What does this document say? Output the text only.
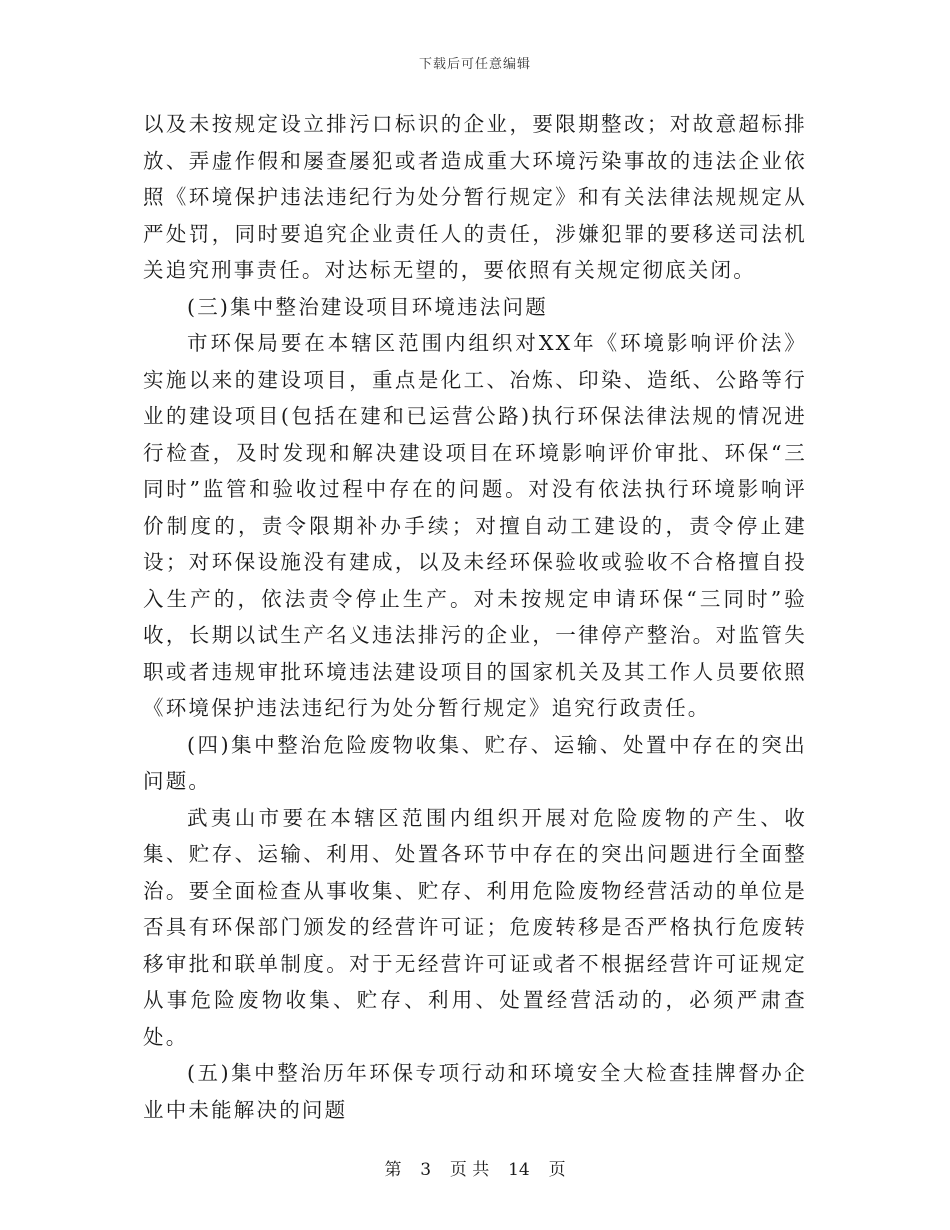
下载后可任意编辑

以及未按规定设立排污口标识的企业，要限期整改；对故意超标排放、弄虚作假和屡查屡犯或者造成重大环境污染事故的违法企业依照《环境保护违法违纪行为处分暂行规定》和有关法律法规规定从严处罚，同时要追究企业责任人的责任，涉嫌犯罪的要移送司法机关追究刑事责任。对达标无望的，要依照有关规定彻底关闭。

(三)集中整治建设项目环境违法问题

市环保局要在本辖区范围内组织对XX年《环境影响评价法》实施以来的建设项目，重点是化工、冶炼、印染、造纸、公路等行业的建设项目(包括在建和已运营公路)执行环保法律法规的情况进行检查，及时发现和解决建设项目在环境影响评价审批、环保“三同时”监管和验收过程中存在的问题。对没有依法执行环境影响评价制度的，责令限期补办手续；对擅自动工建设的，责令停止建设；对环保设施没有建成，以及未经环保验收或验收不合格擅自投入生产的，依法责令停止生产。对未按规定申请环保“三同时”验收，长期以试生产名义违法排污的企业，一律停产整治。对监管失职或者违规审批环境违法建设项目的国家机关及其工作人员要依照《环境保护违法违纪行为处分暂行规定》追究行政责任。

(四)集中整治危险废物收集、贮存、运输、处置中存在的突出问题。

武夷山市要在本辖区范围内组织开展对危险废物的产生、收集、贮存、运输、利用、处置各环节中存在的突出问题进行全面整治。要全面检查从事收集、贮存、利用危险废物经营活动的单位是否具有环保部门颁发的经营许可证；危废转移是否严格执行危废转移审批和联单制度。对于无经营许可证或者不根据经营许可证规定从事危险废物收集、贮存、利用、处置经营活动的，必须严肃查处。

(五)集中整治历年环保专项行动和环境安全大检查挂牌督办企业中未能解决的问题

第 3 页 共 14 页
